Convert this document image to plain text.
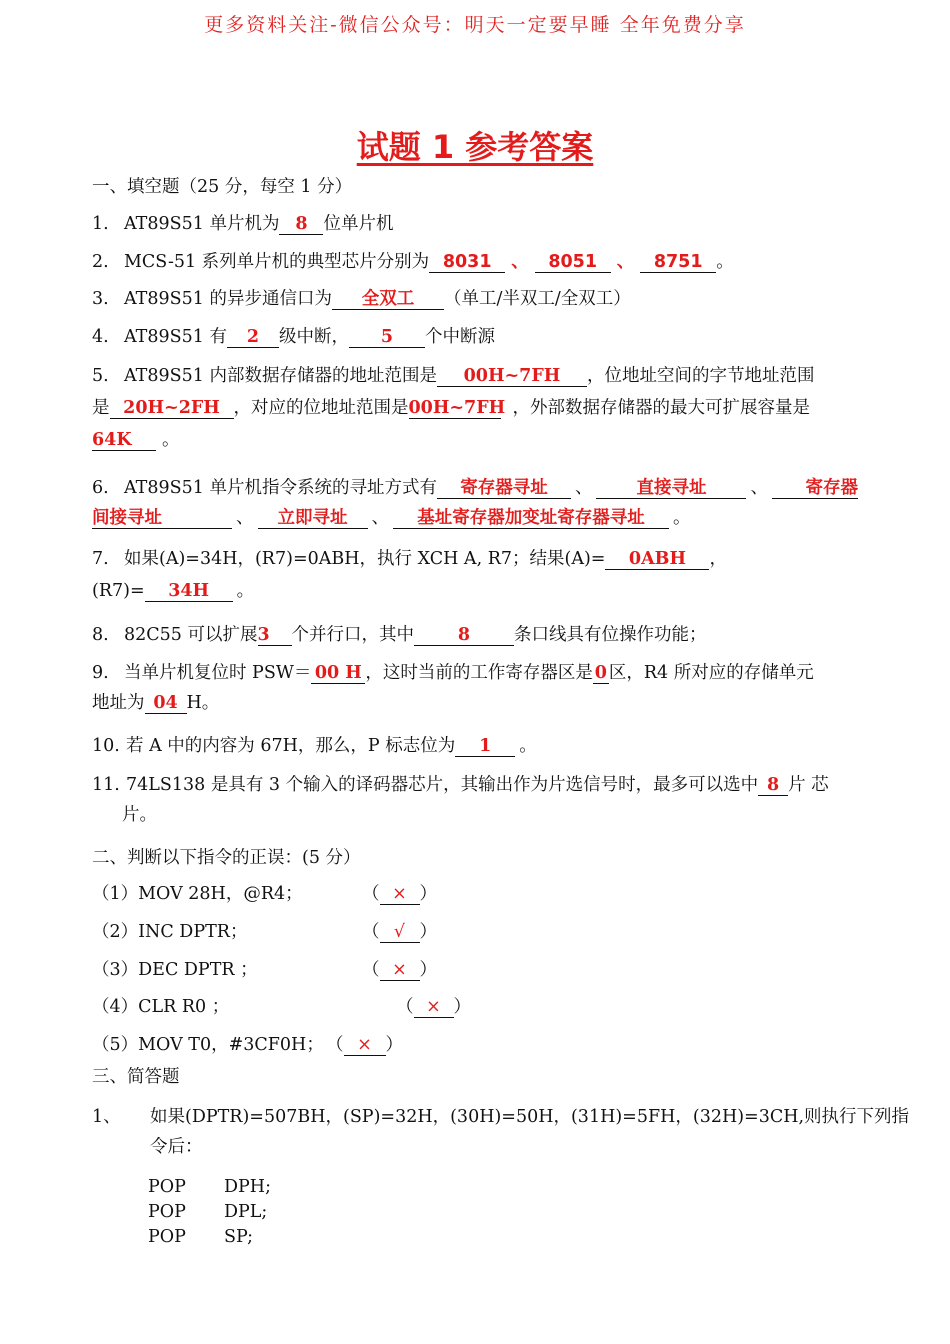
更多资料关注-微信公众号：明天一定要早睡 全年免费分享
试题 1 参考答案
一、填空题（25 分，每空 1 分）
1. AT89S51 单片机为 8 位单片机
2. MCS-51 系列单片机的典型芯片分别为 8031 、 8051 、 8751 。
3. AT89S51 的异步通信口为 全双工 （单工/半双工/全双工）
4. AT89S51 有 2 级中断， 5 个中断源
5. AT89S51 内部数据存储器的地址范围是 00H~7FH ，位地址空间的字节地址范围
是 20H~2FH ，对应的位地址范围是00H~7FH ，外部数据存储器的最大可扩展容量是
64K 。
6. AT89S51 单片机指令系统的寻址方式有 寄存器寻址 、	直接寻址	、 寄存器
间接寻址	、 立即寻址 、 基址寄存器加变址寄存器寻址 。
7. 如果(A)=34H，(R7)=0ABH，执行 XCH A, R7；结果(A)= 0ABH ，
(R7)= 34H 。
8. 82C55 可以扩展3 个并行口，其中	8	条口线具有位操作功能；
9. 当单片机复位时 PSW＝ 00 H ，这时当前的工作寄存器区是 0 区，R4 所对应的存储单元
地址为 04 H。
10. 若 A 中的内容为 67H，那么，P 标志位为 1 。
11. 74LS138 是具有 3 个输入的译码器芯片，其输出作为片选信号时，最多可以选中 8 片 芯
片。
二、判断以下指令的正误：(5 分）
（1）MOV 28H，@R4；	（ × ）
（2）INC DPTR；	（ √ ）
（3）DEC DPTR ；	（ × ）
（4）CLR R0 ；	（ × ）
（5）MOV T0，#3CF0H； （ × ）
三、简答题
1、 如果(DPTR)=507BH，(SP)=32H，(30H)=50H，(31H)=5FH，(32H)=3CH,则执行下列指
令后：
POP DPH;
POP DPL;
POP SP;
